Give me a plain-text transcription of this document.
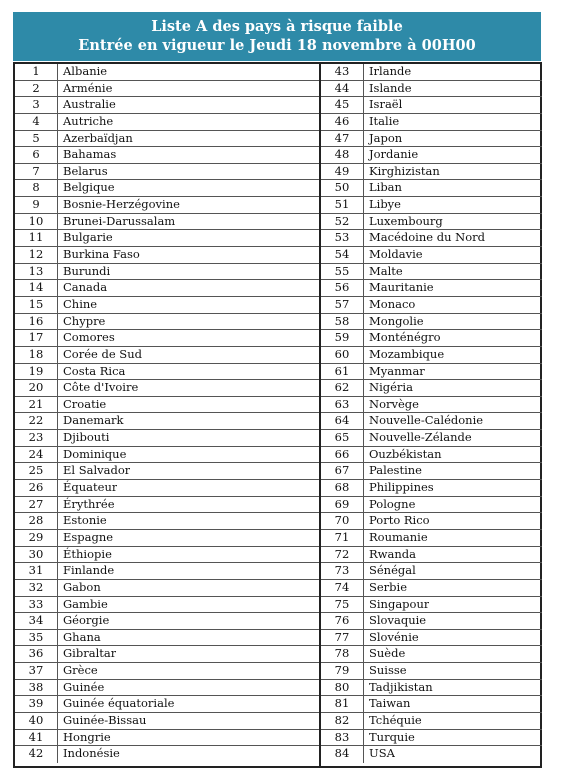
Liste A des pays à risque faible
Entrée en vigueur le Jeudi 18 novembre à 00H00
1	Albanie
2	Arménie
3	Australie
4	Autriche
5	Azerbaïdjan
6	Bahamas
7	Belarus
8	Belgique
9	Bosnie-Herzégovine
10	Brunei-Darussalam
11	Bulgarie
12	Burkina Faso
13	Burundi
14	Canada
15	Chine
16	Chypre
17	Comores
18	Corée de Sud
19	Costa Rica
20	Côte d'Ivoire
21	Croatie
22	Danemark
23	Djibouti
24	Dominique
25	El Salvador
26	Équateur
27	Érythrée
28	Estonie
29	Espagne
30	Éthiopie
31	Finlande
32	Gabon
33	Gambie
34	Géorgie
35	Ghana
36	Gibraltar
37	Grèce
38	Guinée
39	Guinée équatoriale
40	Guinée-Bissau
41	Hongrie
42	Indonésie
43	Irlande
44	Islande
45	Israël
46	Italie
47	Japon
48	Jordanie
49	Kirghizistan
50	Liban
51	Libye
52	Luxembourg
53	Macédoine du Nord
54	Moldavie
55	Malte
56	Mauritanie
57	Monaco
58	Mongolie
59	Monténégro
60	Mozambique
61	Myanmar
62	Nigéria
63	Norvège
64	Nouvelle-Calédonie
65	Nouvelle-Zélande
66	Ouzbékistan
67	Palestine
68	Philippines
69	Pologne
70	Porto Rico
71	Roumanie
72	Rwanda
73	Sénégal
74	Serbie
75	Singapour
76	Slovaquie
77	Slovénie
78	Suède
79	Suisse
80	Tadjikistan
81	Taiwan
82	Tchéquie
83	Turquie
84	USA
